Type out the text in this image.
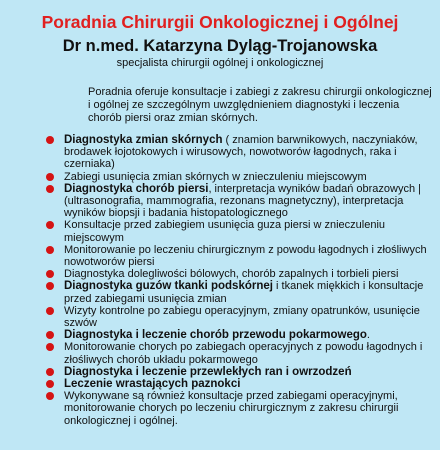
Poradnia Chirurgii Onkologicznej i Ogólnej
Dr n.med. Katarzyna Dyląg-Trojanowska
specjalista chirurgii ogólnej i onkologicznej
Poradnia oferuje konsultacje i zabiegi z zakresu chirurgii onkologicznej i ogólnej ze szczególnym uwzględnieniem diagnostyki i leczenia chorób piersi oraz zmian skórnych.
Diagnostyka zmian skórnych ( znamion barwnikowych, naczyniaków, brodawek łojotokowych i wirusowych, nowotworów łagodnych, raka i czerniaka)
Zabiegi usunięcia zmian skórnych w znieczuleniu miejscowym
Diagnostyka chorób piersi, interpretacja wyników badań obrazowych |(ultrasonografia, mammografia, rezonans magnetyczny), interpretacja wyników biopsji i badania histopatologicznego
Konsultacje przed zabiegiem usunięcia guza piersi w znieczuleniu miejscowym
Monitorowanie po leczeniu chirurgicznym z powodu łagodnych i złośliwych nowotworów piersi
Diagnostyka dolegliwości bólowych, chorób zapalnych i torbieli piersi
Diagnostyka guzów tkanki podskórnej i tkanek miękkich i konsultacje przed zabiegami usunięcia zmian
Wizyty kontrolne po zabiegu operacyjnym, zmiany opatrunków, usunięcie szwów
Diagnostyka i leczenie chorób przewodu pokarmowego.
Monitorowanie chorych po zabiegach operacyjnych z powodu łagodnych i złośliwych chorób układu pokarmowego
Diagnostyka i leczenie przewlekłych ran i owrzodzeń
Leczenie wrastających paznokci
Wykonywane są również konsultacje przed zabiegami operacyjnymi, monitorowanie chorych po leczeniu chirurgicznym z zakresu chirurgii onkologicznej i ogólnej.
